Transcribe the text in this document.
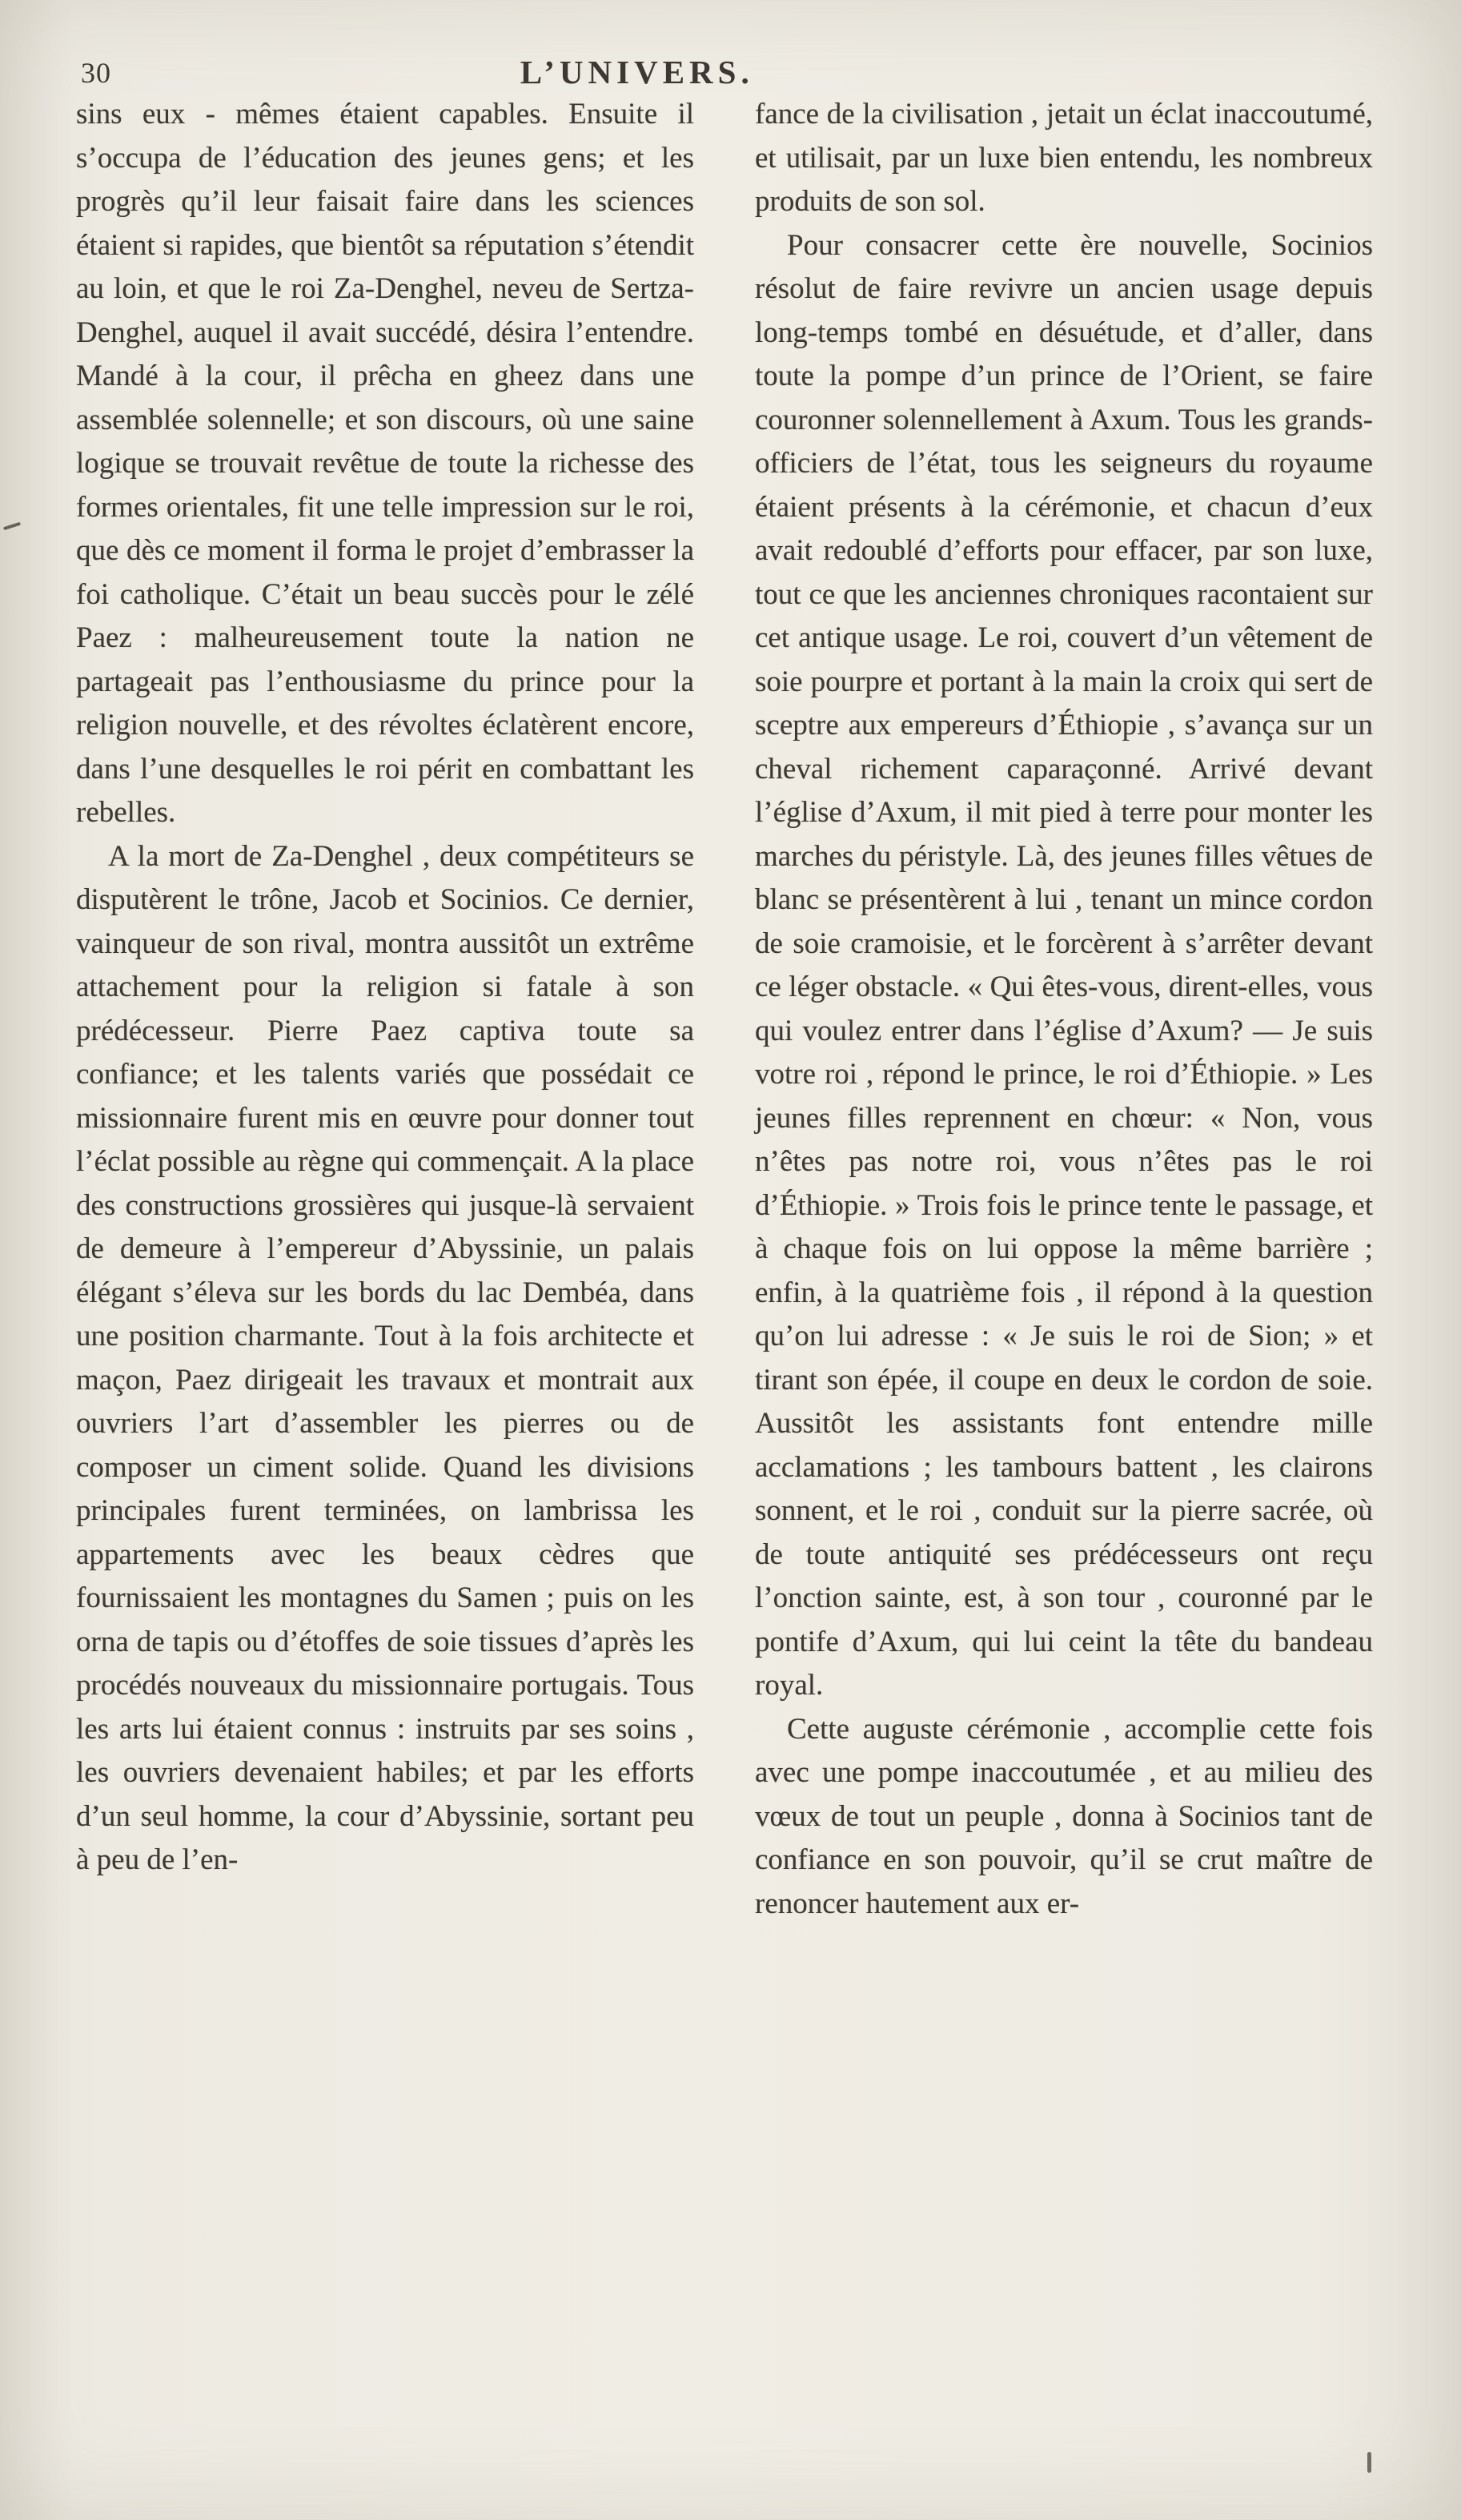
30	L’UNIVERS.

sins eux - mêmes étaient capables. Ensuite il s’occupa de l’éducation des jeunes gens; et les progrès qu’il leur faisait faire dans les sciences étaient si rapides, que bientôt sa réputation s’étendit au loin, et que le roi Za-Denghel, neveu de Sertza-Denghel, auquel il avait succédé, désira l’entendre. Mandé à la cour, il prêcha en gheez dans une assemblée solennelle; et son discours, où une saine logique se trouvait revêtue de toute la richesse des formes orientales, fit une telle impression sur le roi, que dès ce moment il forma le projet d’embrasser la foi catholique. C’était un beau succès pour le zélé Paez : malheureusement toute la nation ne partageait pas l’enthousiasme du prince pour la religion nouvelle, et des révoltes éclatèrent encore, dans l’une desquelles le roi périt en combattant les rebelles.

A la mort de Za-Denghel , deux compétiteurs se disputèrent le trône, Jacob et Socinios. Ce dernier, vainqueur de son rival, montra aussitôt un extrême attachement pour la religion si fatale à son prédécesseur. Pierre Paez captiva toute sa confiance; et les talents variés que possédait ce missionnaire furent mis en œuvre pour donner tout l’éclat possible au règne qui commençait. A la place des constructions grossières qui jusque-là servaient de demeure à l’empereur d’Abyssinie, un palais élégant s’éleva sur les bords du lac Dembéa, dans une position charmante. Tout à la fois architecte et maçon, Paez dirigeait les travaux et montrait aux ouvriers l’art d’assembler les pierres ou de composer un ciment solide. Quand les divisions principales furent terminées, on lambrissa les appartements avec les beaux cèdres que fournissaient les montagnes du Samen ; puis on les orna de tapis ou d’étoffes de soie tissues d’après les procédés nouveaux du missionnaire portugais. Tous les arts lui étaient connus : instruits par ses soins , les ouvriers devenaient habiles; et par les efforts d’un seul homme, la cour d’Abyssinie, sortant peu à peu de l’en-

fance de la civilisation , jetait un éclat inaccoutumé, et utilisait, par un luxe bien entendu, les nombreux produits de son sol.

Pour consacrer cette ère nouvelle, Socinios résolut de faire revivre un ancien usage depuis long-temps tombé en désuétude, et d’aller, dans toute la pompe d’un prince de l’Orient, se faire couronner solennellement à Axum. Tous les grands-officiers de l’état, tous les seigneurs du royaume étaient présents à la cérémonie, et chacun d’eux avait redoublé d’efforts pour effacer, par son luxe, tout ce que les anciennes chroniques racontaient sur cet antique usage. Le roi, couvert d’un vêtement de soie pourpre et portant à la main la croix qui sert de sceptre aux empereurs d’Éthiopie , s’avança sur un cheval richement caparaçonné. Arrivé devant l’église d’Axum, il mit pied à terre pour monter les marches du péristyle. Là, des jeunes filles vêtues de blanc se présentèrent à lui , tenant un mince cordon de soie cramoisie, et le forcèrent à s’arrêter devant ce léger obstacle. « Qui êtes-vous, dirent-elles, vous qui voulez entrer dans l’église d’Axum? — Je suis votre roi , répond le prince, le roi d’Éthiopie. » Les jeunes filles reprennent en chœur: « Non, vous n’êtes pas notre roi, vous n’êtes pas le roi d’Éthiopie. » Trois fois le prince tente le passage, et à chaque fois on lui oppose la même barrière ; enfin, à la quatrième fois , il répond à la question qu’on lui adresse : « Je suis le roi de Sion; » et tirant son épée, il coupe en deux le cordon de soie. Aussitôt les assistants font entendre mille acclamations ; les tambours battent , les clairons sonnent, et le roi , conduit sur la pierre sacrée, où de toute antiquité ses prédécesseurs ont reçu l’onction sainte, est, à son tour , couronné par le pontife d’Axum, qui lui ceint la tête du bandeau royal.

Cette auguste cérémonie , accomplie cette fois avec une pompe inaccoutumée , et au milieu des vœux de tout un peuple , donna à Socinios tant de confiance en son pouvoir, qu’il se crut maître de renoncer hautement aux er-
